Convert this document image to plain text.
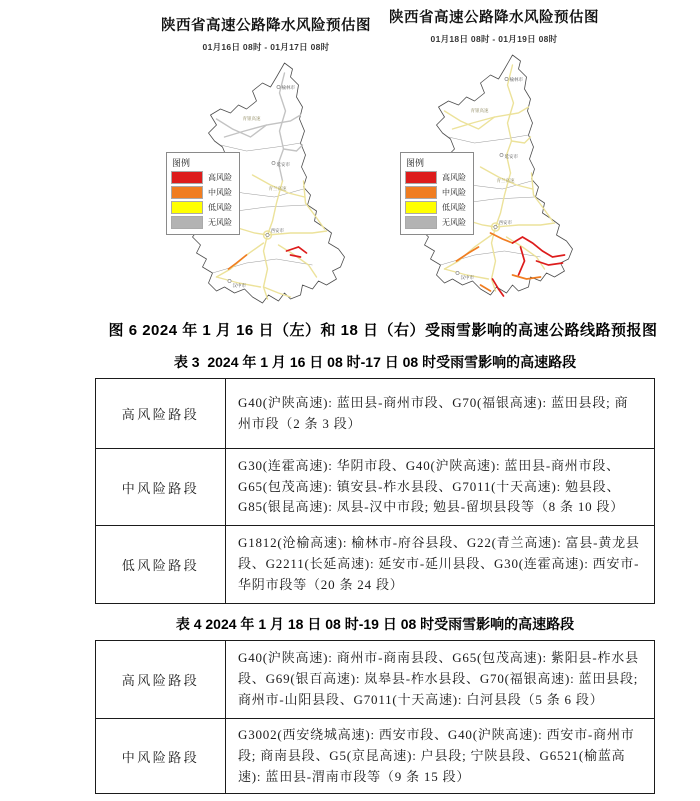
陕西省高速公路降水风险预估图
01月16日 08时 - 01月17日 08时
榆林市
延安市
西安市
汉中市
青银高速
青兰高速
图例
高风险
中风险
低风险
无风险
陕西省高速公路降水风险预估图
01月18日 08时 - 01月19日 08时
榆林市
延安市
西安市
汉中市
青银高速
青兰高速
图例
高风险
中风险
低风险
无风险
图 6 2024 年 1 月 16 日（左）和 18 日（右）受雨雪影响的高速公路线路预报图
表 3  2024 年 1 月 16 日 08 时-17 日 08 时受雨雪影响的高速路段
高风险路段	G40(沪陕高速): 蓝田县-商州市段、G70(福银高速): 蓝田县段; 商州市段（2 条 3 段）
中风险路段	G30(连霍高速): 华阴市段、G40(沪陕高速): 蓝田县-商州市段、G65(包茂高速): 镇安县-柞水县段、G7011(十天高速): 勉县段、G85(银昆高速): 凤县-汉中市段; 勉县-留坝县段等（8 条 10 段）
低风险路段	G1812(沧榆高速): 榆林市-府谷县段、G22(青兰高速): 富县-黄龙县段、G2211(长延高速): 延安市-延川县段、G30(连霍高速): 西安市-华阴市段等（20 条 24 段）
表 4 2024 年 1 月 18 日 08 时-19 日 08 时受雨雪影响的高速路段
高风险路段	G40(沪陕高速): 商州市-商南县段、G65(包茂高速): 紫阳县-柞水县段、G69(银百高速): 岚皋县-柞水县段、G70(福银高速): 蓝田县段; 商州市-山阳县段、G7011(十天高速): 白河县段（5 条 6 段）
中风险路段	G3002(西安绕城高速): 西安市段、G40(沪陕高速): 西安市-商州市段; 商南县段、G5(京昆高速): 户县段; 宁陕县段、G6521(榆蓝高速): 蓝田县-渭南市段等（9 条 15 段）
